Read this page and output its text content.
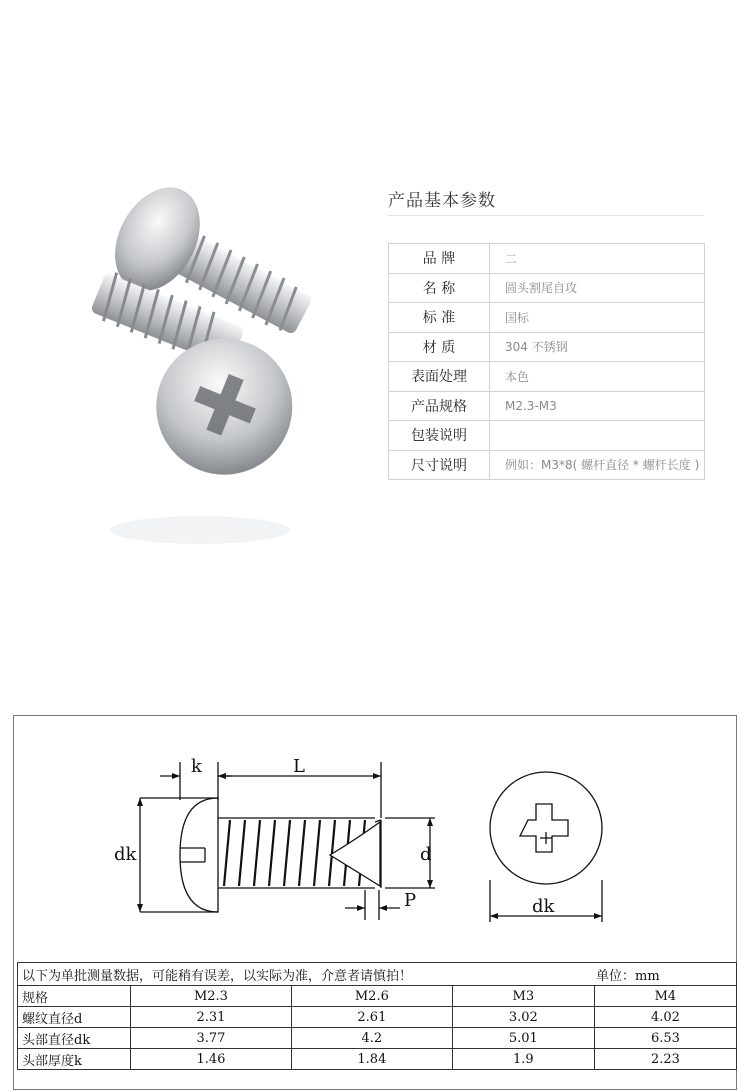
产品基本参数
品 牌	二
名 称	圆头割尾自攻
标 准	国标
材 质	304 不锈钢
表面处理	本色
产品规格	M2.3-M3
包装说明	
尺寸说明	例如：M3*8( 螺杆直径 * 螺杆长度 )
k	L
dk	d
P	dk
以下为单批测量数据，可能稍有误差，以实际为准，介意者请慎拍！ 单位：mm				

规格	M2.3	M2.6	M3	M4
螺纹直径d	2.31	2.61	3.02	4.02
头部直径dk	3.77	4.2	5.01	6.53
头部厚度k	1.46	1.84	1.9	2.23
